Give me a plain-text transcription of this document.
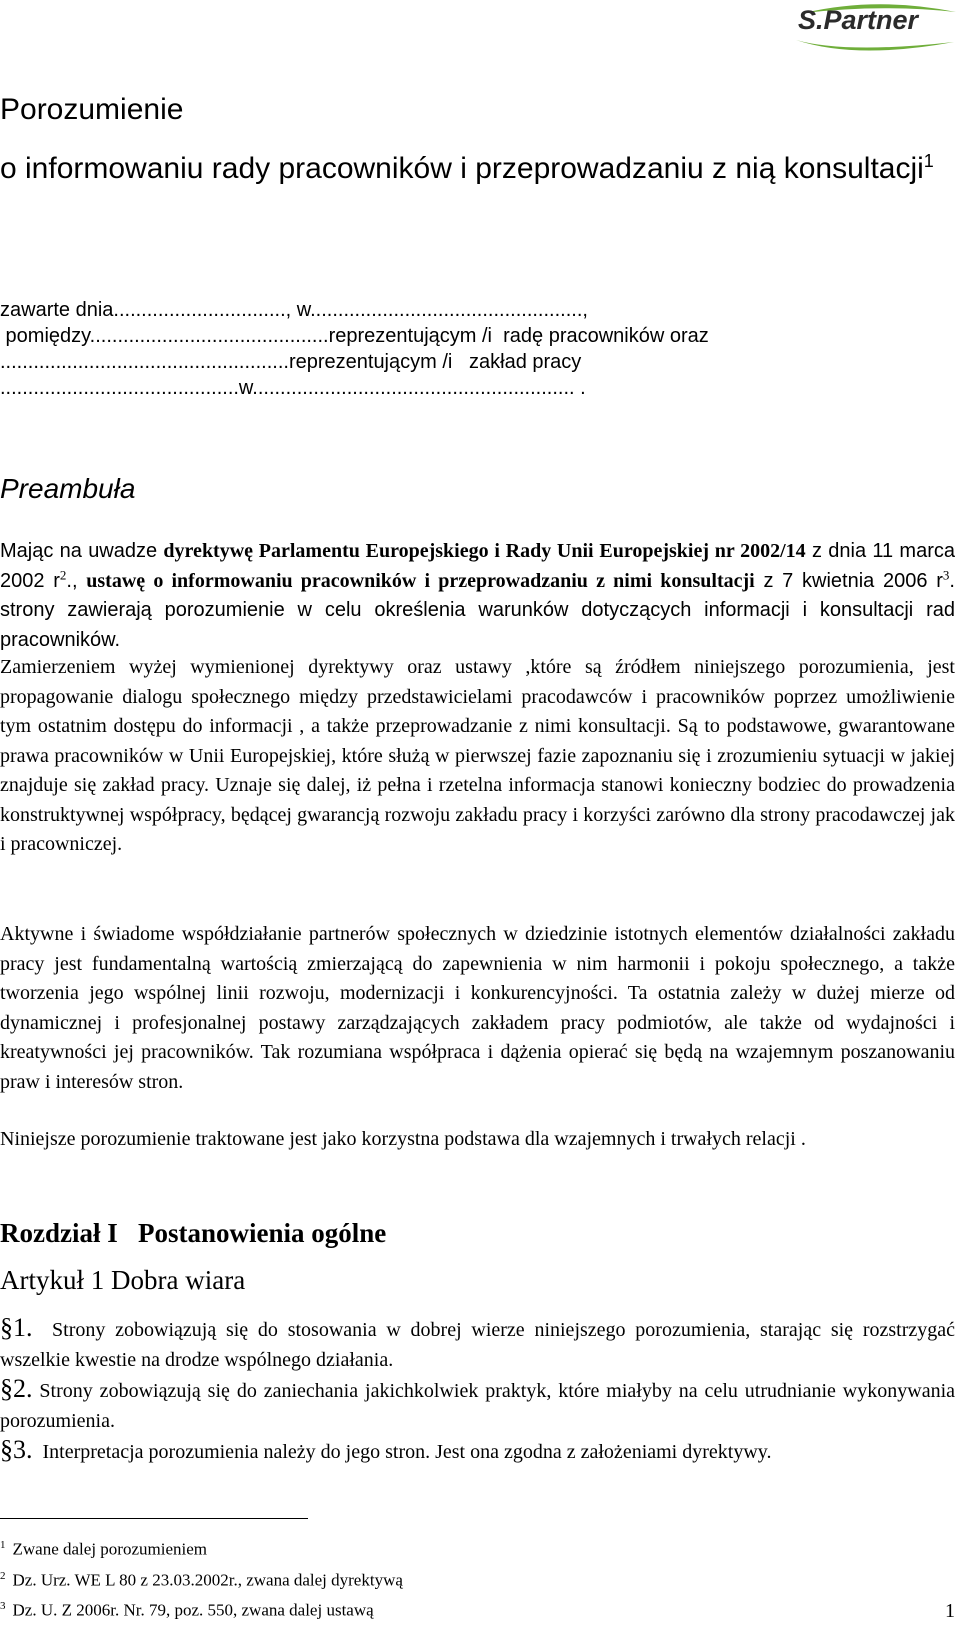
S.Partner
Porozumienie
o informowaniu rady pracowników i przeprowadzaniu z nią konsultacji$^1$
zawarte dnia..............................., w.................................................,
pomiędzy...........................................reprezentującym /i  radę pracowników oraz
....................................................reprezentującym /i   zakład pracy
...........................................w.......................................................... .
Preambuła

Mając na uwadze dyrektywę Parlamentu Europejskiego i Rady Unii Europejskiej nr 2002/14 z dnia 11 marca 2002 $r^2$., ustawę o informowaniu pracowników i przeprowadzaniu z nimi konsultacji z 7 kwietnia 2006 $r^3$. strony zawierają porozumienie w celu określenia warunków dotyczących informacji i konsultacji rad pracowników.

Zamierzeniem wyżej wymienionej dyrektywy oraz ustawy ,które są źródłem niniejszego porozumienia, jest propagowanie dialogu społecznego między przedstawicielami pracodawców i pracowników poprzez umożliwienie tym ostatnim dostępu do informacji , a także przeprowadzanie z nimi konsultacji. Są to podstawowe, gwarantowane prawa pracowników w Unii Europejskiej, które służą w pierwszej fazie zapoznaniu się i zrozumieniu sytuacji w jakiej znajduje się zakład pracy. Uznaje się dalej, iż pełna i rzetelna informacja stanowi konieczny bodziec do prowadzenia konstruktywnej współpracy, będącej gwarancją rozwoju zakładu pracy i korzyści zarówno dla strony pracodawczej jak i pracowniczej.

Aktywne i świadome współdziałanie partnerów społecznych w dziedzinie istotnych elementów działalności zakładu pracy jest fundamentalną wartością zmierzającą do zapewnienia w nim harmonii i pokoju społecznego, a także tworzenia jego wspólnej linii rozwoju, modernizacji i konkurencyjności. Ta ostatnia zależy w dużej mierze od dynamicznej i profesjonalnej postawy zarządzających zakładem pracy podmiotów, ale także od wydajności i kreatywności jej pracowników. Tak rozumiana współpraca i dążenia opierać się będą na wzajemnym poszanowaniu praw i interesów stron.

Niniejsze porozumienie traktowane jest jako korzystna podstawa dla wzajemnych i trwałych relacji .

Rozdział I   Postanowienia ogólne
Artykuł 1 Dobra wiara
§1.  Strony zobowiązują się do stosowania w dobrej wierze niniejszego porozumienia, starając się rozstrzygać wszelkie kwestie na drodze wspólnego działania.
§2. Strony zobowiązują się do zaniechania jakichkolwiek praktyk, które miałyby na celu utrudnianie wykonywania porozumienia.
§3.  Interpretacja porozumienia należy do jego stron. Jest ona zgodna z założeniami dyrektywy.
$^1$ Zwane dalej porozumieniem
$^2$ Dz. Urz. WE L 80 z 23.03.2002r., zwana dalej dyrektywą
$^3$ Dz. U. Z 2006r. Nr. 79, poz. 550, zwana dalej ustawą	1
